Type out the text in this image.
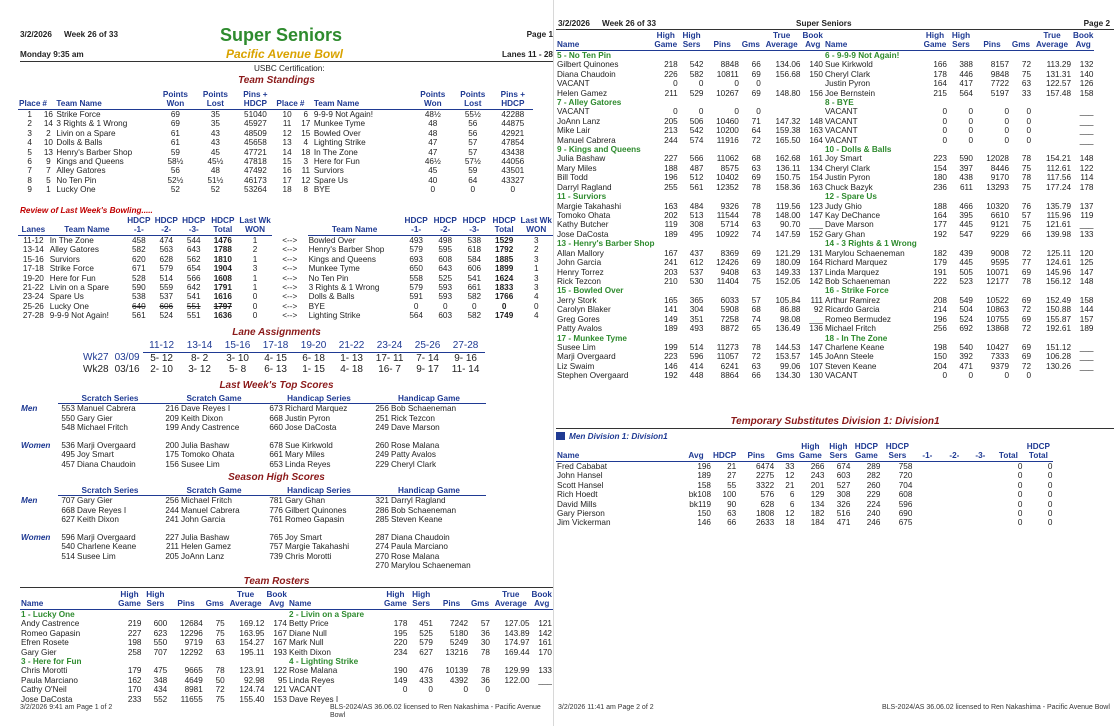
3/2/2026 Week 26 of 33	Super Seniors	Page 1
Monday 9:35 am	Pacific Avenue Bowl	Lanes 11 - 28
USBC Certification:
Team Standings
			Points	Points	Pins +				Points	Points	Pins +
Place	#	Team Name	Won	Lost	HDCP	Place	#	Team Name	Won	Lost	HDCP
1	16	Strike Force	69	35	51040	10	6	9-9-9 Not Again!	48½	55½	42288
2	14	3 Rights & 1 Wrong	69	35	45927	11	17	Munkee Tyme	48	56	44875
3	2	Livin on a Spare	61	43	48509	12	15	Bowled Over	48	56	42921
4	10	Dolls & Balls	61	43	45658	13	4	Lighting Strike	47	57	47854
5	13	Henry's Barber Shop	59	45	47721	14	18	In The Zone	47	57	43438
6	9	Kings and Queens	58½	45½	47818	15	3	Here for Fun	46½	57½	44056
7	7	Alley Gatores	56	48	47492	16	11	Surviors	45	59	43501
8	5	No Ten Pin	52½	51½	46173	17	12	Spare Us	40	64	43327
9	1	Lucky One	52	52	53264	18	8	BYE	0	0	0
Review of Last Week's Bowling.....
		HDCP	HDCP	HDCP	HDCP	Last Wk			HDCP	HDCP	HDCP	HDCP	Last Wk
Lanes	Team Name	-1-	-2-	-3-	Total	WON		Team Name	-1-	-2-	-3-	Total	WON
11-12	In The Zone	458	474	544	1476	1	<-->	Bowled Over	493	498	538	1529	3
13-14	Alley Gatores	582	563	643	1788	2	<-->	Henry's Barber Shop	579	595	618	1792	2
15-16	Surviors	620	628	562	1810	1	<-->	Kings and Queens	693	608	584	1885	3
17-18	Strike Force	671	579	654	1904	3	<-->	Munkee Tyme	650	643	606	1899	1
19-20	Here for Fun	528	514	566	1608	1	<-->	No Ten Pin	558	525	541	1624	3
21-22	Livin on a Spare	590	559	642	1791	1	<-->	3 Rights & 1 Wrong	579	593	661	1833	3
23-24	Spare Us	538	537	541	1616	0	<-->	Dolls & Balls	591	593	582	1766	4
25-26	Lucky One	640	606	551	1797	0	<-->	BYE	0	0	0	0	0
27-28	9-9-9 Not Again!	561	524	551	1636	0	<-->	Lighting Strike	564	603	582	1749	4
Lane Assignments
		11-12	13-14	15-16	17-18	19-20	21-22	23-24	25-26	27-28
Wk27	03/09	5- 12	8- 2	3- 10	4- 15	6- 18	1- 13	17- 11	7- 14	9- 16
Wk28	03/16	2- 10	3- 12	5- 8	6- 13	1- 15	4- 18	16- 7	9- 17	11- 14
Last Week's Top Scores
	Scratch Series		Scratch Game		Handicap Series		Handicap Game	
Men	553	Manuel Cabrera	216	Dave Reyes I	673	Richard Marquez	256	Bob Schaeneman
	550	Gary Gier	209	Keith Dixon	668	Justin Pyron	251	Rick Tezcon
	548	Michael Fritch	199	Andy Castrence	660	Jose DaCosta	249	Dave Marson

Women	536	Marji Overgaard	200	Julia Bashaw	678	Sue Kirkwold	260	Rose Malana
	495	Joy Smart	175	Tomoko Ohata	661	Mary Miles	249	Patty Avalos
	457	Diana Chaudoin	156	Susee Lim	653	Linda Reyes	229	Cheryl Clark
Season High Scores
	Scratch Series		Scratch Game		Handicap Series		Handicap Game	
Men	707	Gary Gier	256	Michael Fritch	781	Gary Ghan	321	Darryl Ragland
	668	Dave Reyes I	244	Manuel Cabrera	776	Gilbert Quinones	286	Bob Schaeneman
	627	Keith Dixon	241	John Garcia	761	Romeo Gapasin	285	Steven Keane

Women	596	Marji Overgaard	227	Julia Bashaw	765	Joy Smart	287	Diana Chaudoin
	540	Charlene Keane	211	Helen Gamez	757	Margie Takahashi	274	Paula Marciano
	514	Susee Lim	205	JoAnn Lanz	739	Chris Morotti	270	Rose Malana
							270	Marylou Schaeneman
Team Rosters
	High	High			True	Book
Name	Game	Sers	Pins	Gms	Average	Avg
1 - Lucky One						
Andy Castrence	219	600	12684	75	169.12	174
Romeo Gapasin	227	623	12296	75	163.95	167
Efren Rosete	198	550	9719	63	154.27	167
Gary Gier	258	707	12292	63	195.11	193
3 - Here for Fun						
Chris Morotti	179	475	9665	78	123.91	122
Paula Marciano	162	348	4649	50	92.98	95
Cathy O'Neil	170	434	8981	72	124.74	121
Jose DaCosta	233	552	11655	75	155.40	153
	High	High			True	Book
Name	Game	Sers	Pins	Gms	Average	Avg
2 - Livin on a Spare						
Betty Price	178	451	7242	57	127.05	121
Diane Null	195	525	5180	36	143.89	142
Mark Null	220	579	5249	30	174.97	161
Keith Dixon	234	627	13216	78	169.44	170
4 - Lighting Strike						
Rose Malana	190	476	10139	78	129.99	133
Linda Reyes	149	433	4392	36	122.00	___
VACANT	0	0	0	0		
Dave Reyes I						
3/2/2026 9:41 am Page 1 of 2	BLS-2024/AS 36.06.02 licensed to Ren Nakashima - Pacific Avenue Bowl
3/2/2026 Week 26 of 33	Super Seniors	Page 2
	High	High			True	Book
Name	Game	Sers	Pins	Gms	Average	Avg
5 - No Ten Pin						
Gilbert Quinones	218	542	8848	66	134.06	140
Diana Chaudoin	226	582	10811	69	156.68	150
VACANT	0	0	0	0		
Helen Gamez	211	529	10267	69	148.80	156
7 - Alley Gatores						
VACANT	0	0	0	0		
JoAnn Lanz	205	506	10460	71	147.32	148
Mike Lair	213	542	10200	64	159.38	163
Manuel Cabrera	244	574	11916	72	165.50	164
9 - Kings and Queens						
Julia Bashaw	227	566	11062	68	162.68	161
Mary Miles	188	487	8575	63	136.11	134
Bill Todd	196	512	10402	69	150.75	154
Darryl Ragland	255	561	12352	78	158.36	163
11 - Surviors						
Margie Takahashi	163	484	9326	78	119.56	123
Tomoko Ohata	202	513	11544	78	148.00	147
Kathy Butcher	119	308	5714	63	90.70	___
Jose DaCosta	189	495	10922	74	147.59	152
13 - Henry's Barber Shop						
Allan Mallory	167	437	8369	69	121.29	131
John Garcia	241	612	12426	69	180.09	164
Henry Torrez	203	537	9408	63	149.33	137
Rick Tezcon	210	530	11404	75	152.05	142
15 - Bowled Over						
Jerry Stork	165	365	6033	57	105.84	111
Carolyn Blaker	141	304	5908	68	86.88	92
Greg Gores	149	351	7258	74	98.08	___
Patty Avalos	189	493	8872	65	136.49	136
17 - Munkee Tyme						
Susee Lim	199	514	11273	78	144.53	147
Marji Overgaard	223	596	11057	72	153.57	145
Liz Swaim	146	414	6241	63	99.06	107
Stephen Overgaard	192	448	8864	66	134.30	130
	High	High			True	Book
Name	Game	Sers	Pins	Gms	Average	Avg
6 - 9-9-9 Not Again!						
Sue Kirkwold	166	388	8157	72	113.29	132
Cheryl Clark	178	446	9848	75	131.31	140
Justin Pyron	164	417	7722	63	122.57	126
Joe Bernstein	215	564	5197	33	157.48	158
8 - BYE						
VACANT	0	0	0	0		___
VACANT	0	0	0	0		___
VACANT	0	0	0	0		___
VACANT	0	0	0	0		___
10 - Dolls & Balls						
Joy Smart	223	590	12028	78	154.21	148
Cheryl Clark	154	397	8446	75	112.61	122
Justin Pyron	180	438	9170	78	117.56	114
Chuck Bazyk	236	611	13293	75	177.24	178
12 - Spare Us						
Judy Ghio	188	466	10320	76	135.79	137
Kay DeChance	164	395	6610	57	115.96	119
Dave Marson	177	445	9121	75	121.61	___
Gary Ghan	192	547	9229	66	139.98	133
14 - 3 Rights & 1 Wrong						
Marylou Schaeneman	182	439	9008	72	125.11	120
Richard Marquez	179	445	9595	77	124.61	125
Linda Marquez	191	505	10071	69	145.96	147
Bob Schaeneman	222	523	12177	78	156.12	148
16 - Strike Force						
Arthur Ramirez	208	549	10522	69	152.49	158
Ricardo Garcia	214	504	10863	72	150.88	144
Romeo Bermudez	196	524	10755	69	155.87	157
Michael Fritch	256	692	13868	72	192.61	189
18 - In The Zone						
Charlene Keane	198	540	10427	69	151.12	___
JoAnn Steele	150	392	7333	69	106.28	___
Steven Keane	204	471	9379	72	130.26	___
VACANT	0	0	0	0		
Temporary Substitutes Division 1: Division1
Men Division 1: Division1
					High	High	HDCP	HDCP					HDCP
Name	Avg	HDCP	Pins	Gms	Game	Sers	Game	Sers	-1-	-2-	-3-	Total	Total
Fred Cababat	196	21	6474	33	266	674	289	758				0	0
John Hansel	189	27	2275	12	243	603	282	720				0	0
Scott Hansel	158	55	3322	21	201	527	260	704				0	0
Rich Hoedt	bk108	100	576	6	129	308	229	608				0	0
David Mills	bk119	90	628	6	134	326	224	596				0	0
Gary Pierson	150	63	1808	12	182	516	240	690				0	0
Jim Vickerman	146	66	2633	18	184	471	246	675				0	0
3/2/2026 11:41 am Page 2 of 2	BLS-2024/AS 36.06.02 licensed to Ren Nakashima - Pacific Avenue Bowl
